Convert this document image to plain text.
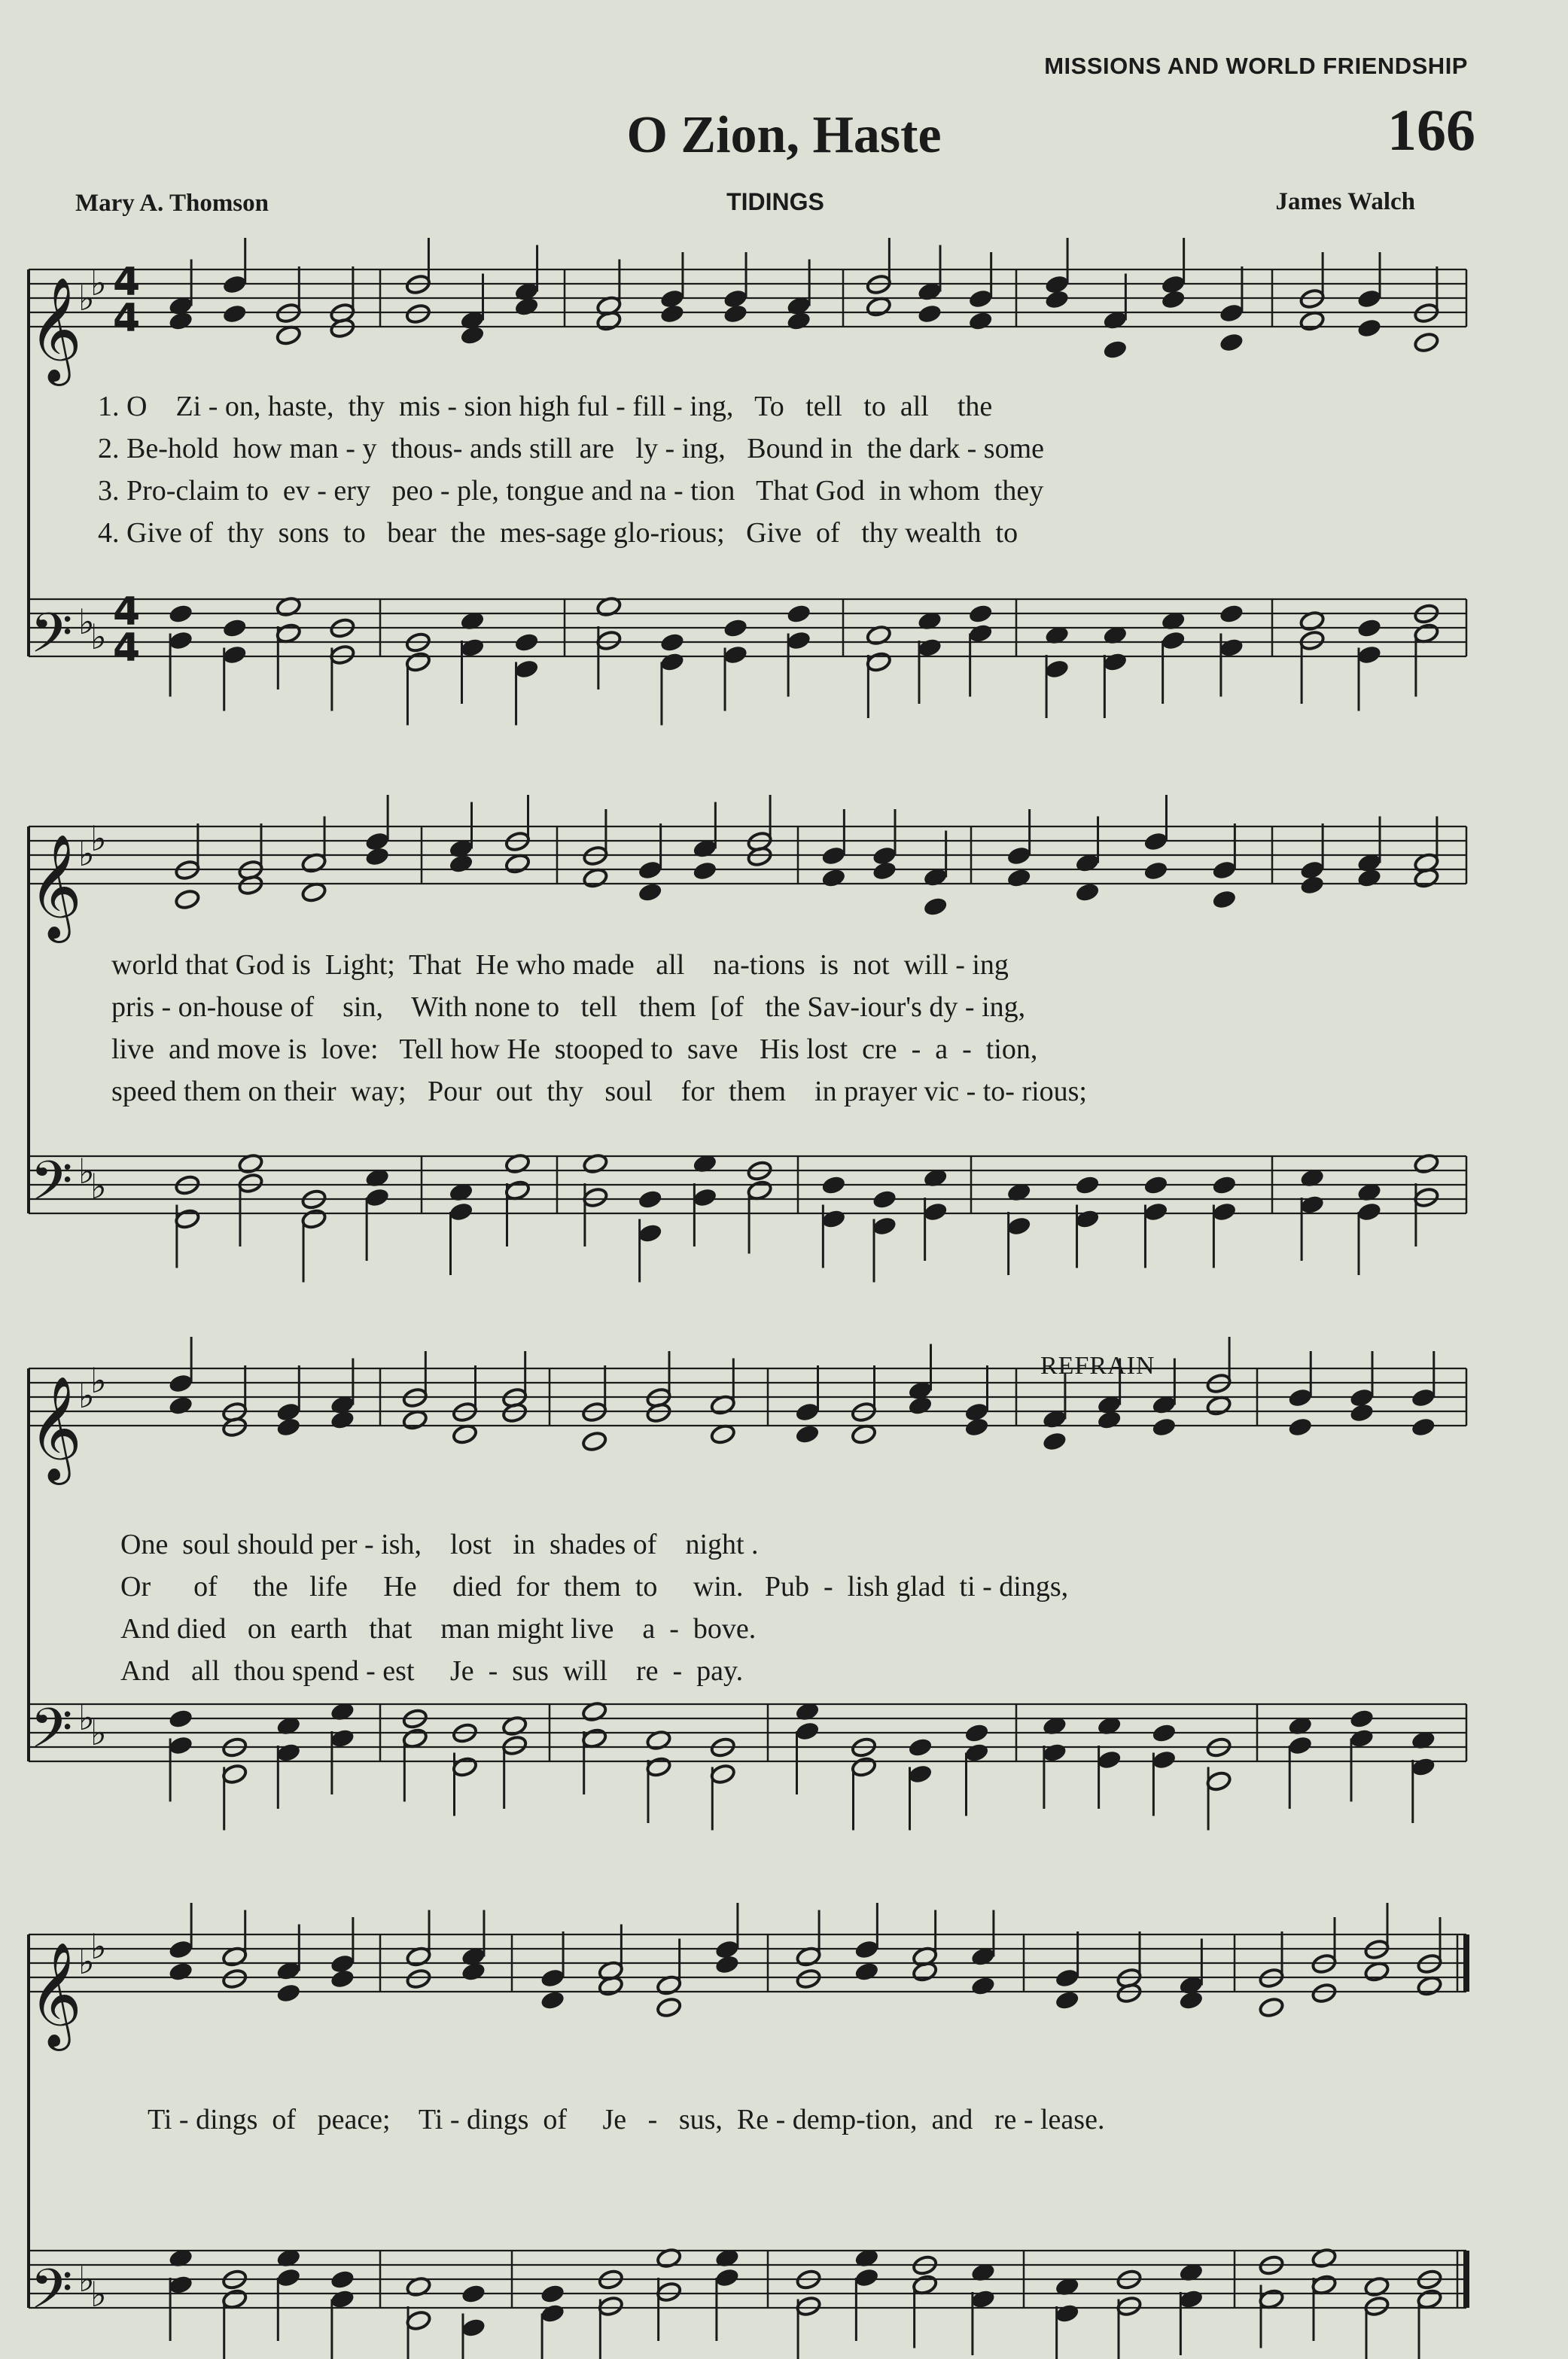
MISSIONS AND WORLD FRIENDSHIP
O Zion, Haste	166
Mary A. Thomson	TIDINGS	James Walch
REFRAIN
𝄞
𝄢
𝄞
𝄢
𝄞
𝄢
𝄞
𝄢
♭
♭
♭
♭
♭
♭
♭
♭
♭
♭
♭
♭
♭
♭
♭
♭
4
4
4
4
1. O    Zi - on, haste,  thy  mis - sion high ful - fill - ing,   To   tell   to  all    the
2. Be-hold  how man - y  thous- ands still are   ly - ing,   Bound in  the dark - some
3. Pro-claim to  ev - ery   peo - ple, tongue and na - tion   That God  in whom  they
4. Give of  thy  sons  to   bear  the  mes-sage glo-rious;   Give  of   thy wealth  to
world that God is  Light;  That  He who made   all    na-tions  is  not  will - ing
pris - on-house of    sin,    With none to   tell   them  [of   the Sav-iour's dy - ing,
live  and move is  love:   Tell how He  stooped to  save   His lost  cre  -  a  -  tion,
speed them on their  way;   Pour  out  thy   soul    for  them    in prayer vic - to- rious;
One  soul should per - ish,    lost   in  shades of    night .
Or      of     the   life     He     died  for  them  to     win.   Pub  -  lish glad  ti - dings,
And died   on  earth   that    man might live    a  -  bove.
And   all  thou spend - est     Je  -  sus  will    re  -  pay.
Ti - dings  of   peace;    Ti - dings  of     Je   -   sus,  Re - demp-tion,  and   re - lease.
